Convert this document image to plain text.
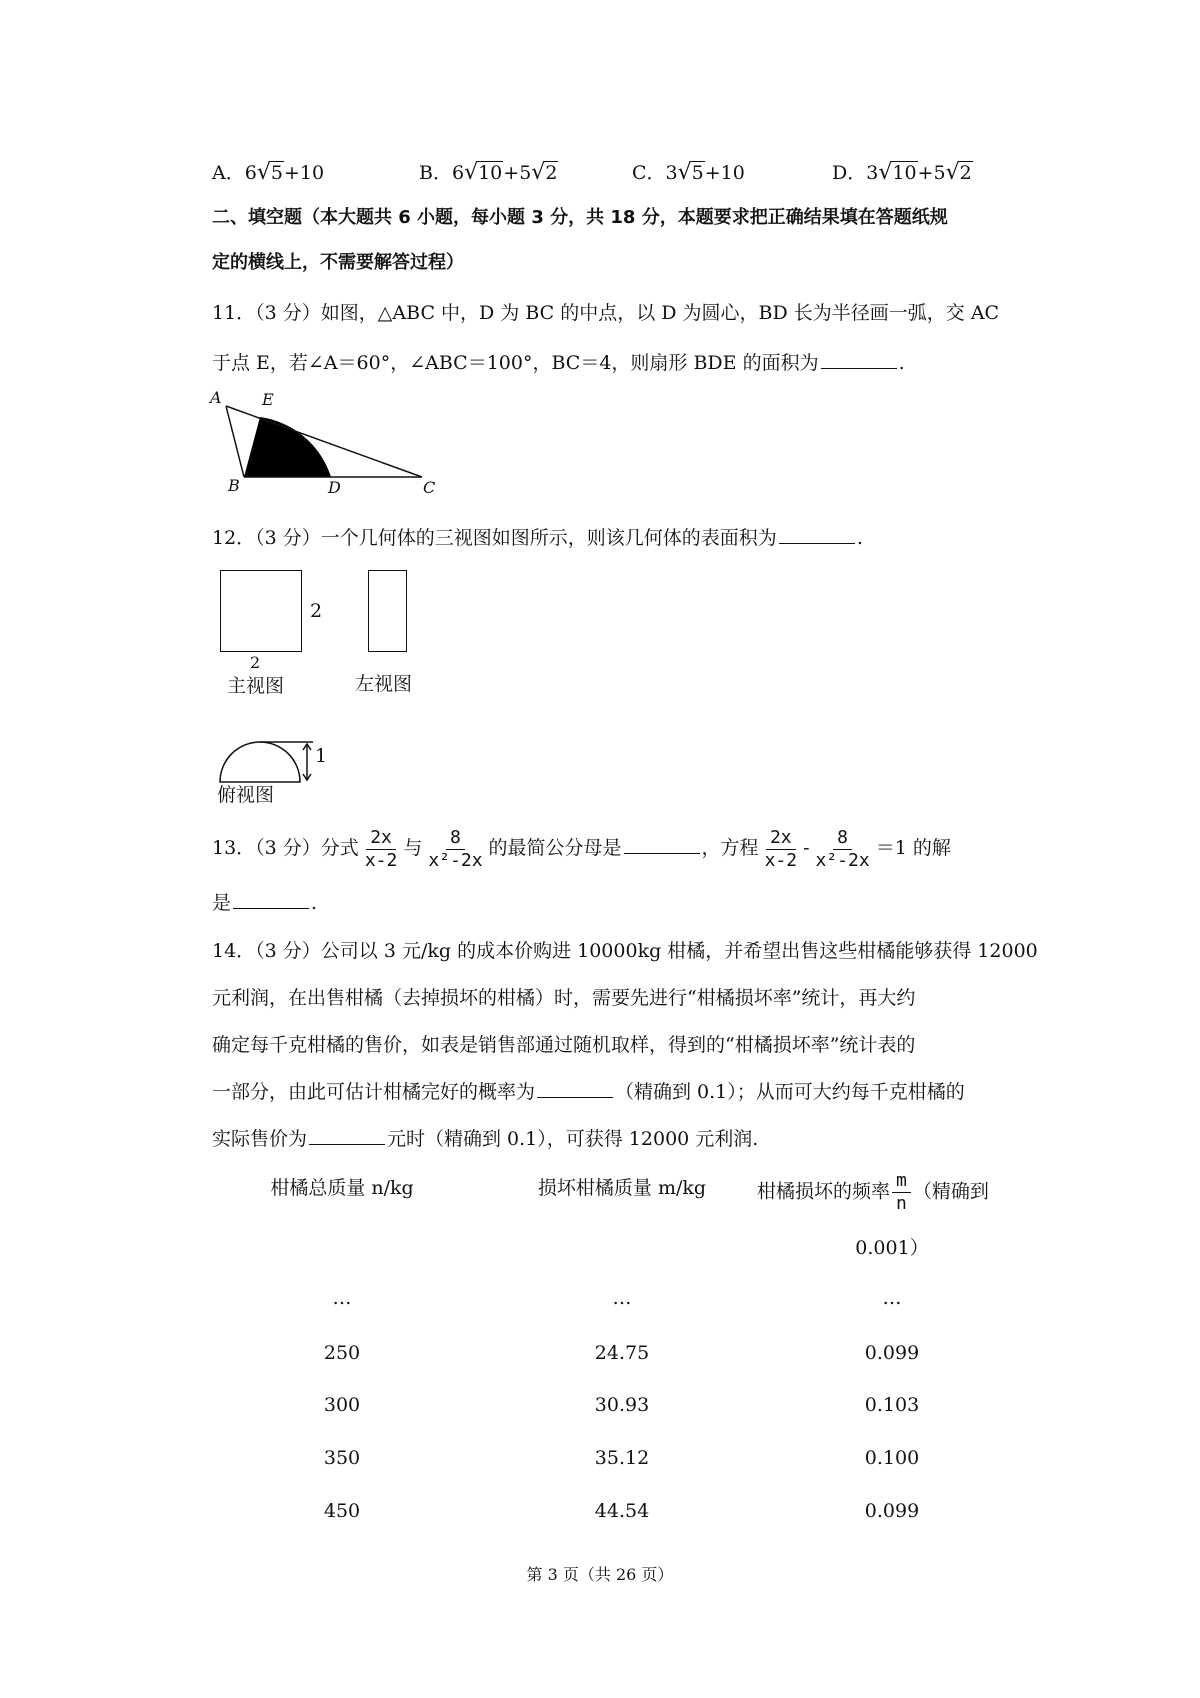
A．6 √ 5 +10	B．6 √ 10 +5 √ 2	C．3 √ 5 +10	D．3 √ 10 +5 √ 2
二、填空题（本大题共 6 小题，每小题 3 分，共 18 分，本题要求把正确结果填在答题纸规
定的横线上，不需要解答过程）
11．（3 分）如图，△ABC 中，D 为 BC 的中点，以 D 为圆心，BD 长为半径画一弧，交 AC
于点 E，若∠A＝60°，∠ABC＝100°，BC＝4，则扇形 BDE 的面积为	.
A	E
B	D	C
12．（3 分）一个几何体的三视图如图所示，则该几何体的表面积为	.
2
2
主视图	左视图
1
俯视图
13．（3 分）分式 $\frac{2x}{x-2}$ 与 $\frac{8}{\text{x²-2x}}$ 的最简公分母是	，方程 $\frac{2x}{x-2} - \frac{8}{\text{x²-2x}} =1$ 的解
是	.
14．（3 分）公司以 3 元/kg 的成本价购进 10000kg 柑橘，并希望出售这些柑橘能够获得 12000
元利润，在出售柑橘（去掉损坏的柑橘）时，需要先进行“柑橘损坏率”统计，再大约
确定每千克柑橘的售价，如表是销售部通过随机取样，得到的“柑橘损坏率”统计表的
一部分，由此可估计柑橘完好的概率为	（精确到 0.1）；从而可大约每千克柑橘的
实际售价为	元时（精确到 0.1），可获得 12000 元利润.
柑橘总质量 n/kg	损坏柑橘质量 m/kg	柑橘损坏的频率 $\frac{m}{n}$ （精确到
0.001）
…	…	…
250	24.75	0.099
300	30.93	0.103
350	35.12	0.100
450	44.54	0.099
第 3 页（共 26 页）
